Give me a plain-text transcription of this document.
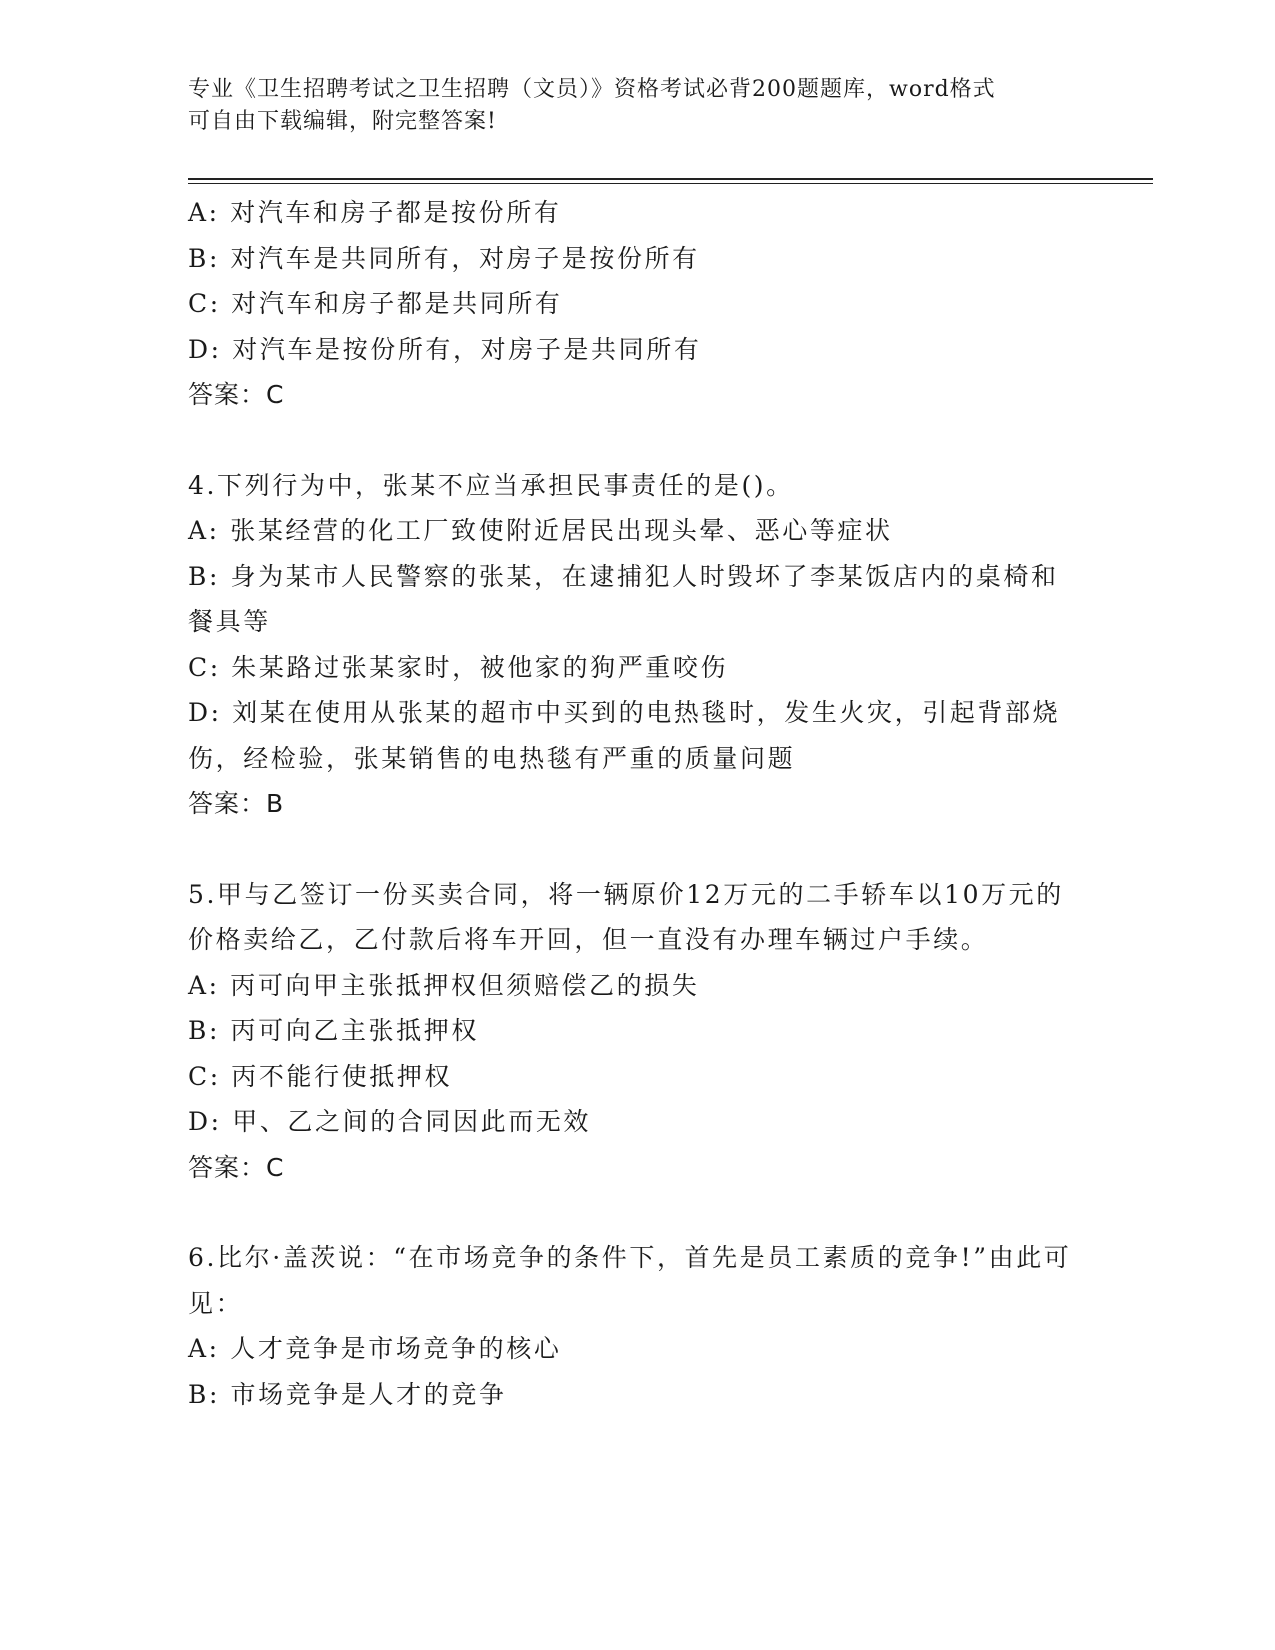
专业《卫生招聘考试之卫生招聘（文员）》资格考试必背200题题库，word格式
可自由下载编辑，附完整答案!
A: 对汽车和房子都是按份所有
B: 对汽车是共同所有，对房子是按份所有
C: 对汽车和房子都是共同所有
D: 对汽车是按份所有，对房子是共同所有
答案：C
4.下列行为中，张某不应当承担民事责任的是()。
A: 张某经营的化工厂致使附近居民出现头晕、恶心等症状
B: 身为某市人民警察的张某，在逮捕犯人时毁坏了李某饭店内的桌椅和餐具等
C: 朱某路过张某家时，被他家的狗严重咬伤
D: 刘某在使用从张某的超市中买到的电热毯时，发生火灾，引起背部烧伤，经检验，张某销售的电热毯有严重的质量问题
答案：B
5.甲与乙签订一份买卖合同，将一辆原价12万元的二手轿车以10万元的价格卖给乙，乙付款后将车开回，但一直没有办理车辆过户手续。
A: 丙可向甲主张抵押权但须赔偿乙的损失
B: 丙可向乙主张抵押权
C: 丙不能行使抵押权
D: 甲、乙之间的合同因此而无效
答案：C
6.比尔·盖茨说：“在市场竞争的条件下，首先是员工素质的竞争!”由此可见：
A: 人才竞争是市场竞争的核心
B: 市场竞争是人才的竞争
